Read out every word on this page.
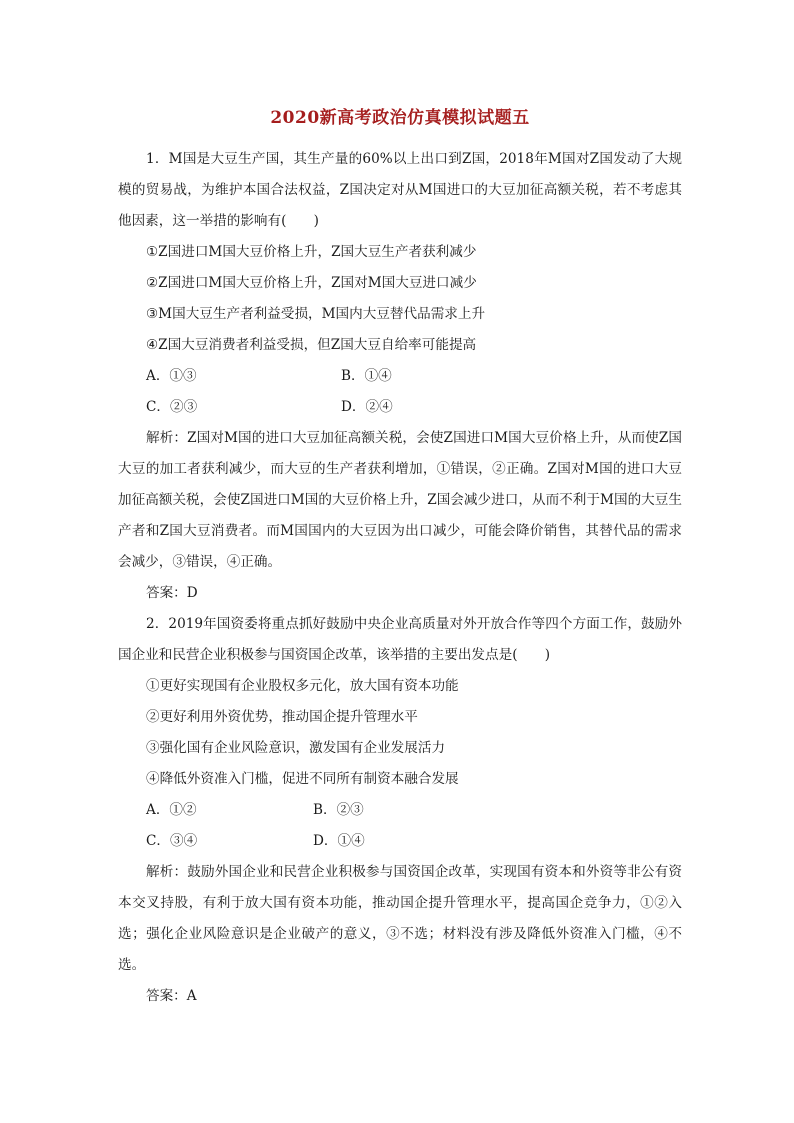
2020新高考政治仿真模拟试题五

1．M国是大豆生产国，其生产量的60%以上出口到Z国，2018年M国对Z国发动了大规模的贸易战，为维护本国合法权益，Z国决定对从M国进口的大豆加征高额关税，若不考虑其他因素，这一举措的影响有(　　)

①Z国进口M国大豆价格上升，Z国大豆生产者获利减少

②Z国进口M国大豆价格上升，Z国对M国大豆进口减少

③M国大豆生产者利益受损，M国内大豆替代品需求上升

④Z国大豆消费者利益受损，但Z国大豆自给率可能提高

A．①③	B．①④
C．②③	D．②④

解析：Z国对M国的进口大豆加征高额关税，会使Z国进口M国大豆价格上升，从而使Z国大豆的加工者获利减少，而大豆的生产者获利增加，①错误，②正确。Z国对M国的进口大豆加征高额关税，会使Z国进口M国的大豆价格上升，Z国会减少进口，从而不利于M国的大豆生产者和Z国大豆消费者。而M国国内的大豆因为出口减少，可能会降价销售，其替代品的需求会减少，③错误，④正确。

答案：D

2．2019年国资委将重点抓好鼓励中央企业高质量对外开放合作等四个方面工作，鼓励外国企业和民营企业积极参与国资国企改革，该举措的主要出发点是(　　)

①更好实现国有企业股权多元化，放大国有资本功能

②更好利用外资优势，推动国企提升管理水平

③强化国有企业风险意识，激发国有企业发展活力

④降低外资准入门槛，促进不同所有制资本融合发展

A．①②	B．②③
C．③④	D．①④

解析：鼓励外国企业和民营企业积极参与国资国企改革，实现国有资本和外资等非公有资本交叉持股，有利于放大国有资本功能，推动国企提升管理水平，提高国企竞争力，①②入选；强化企业风险意识是企业破产的意义，③不选；材料没有涉及降低外资准入门槛，④不选。

答案：A
